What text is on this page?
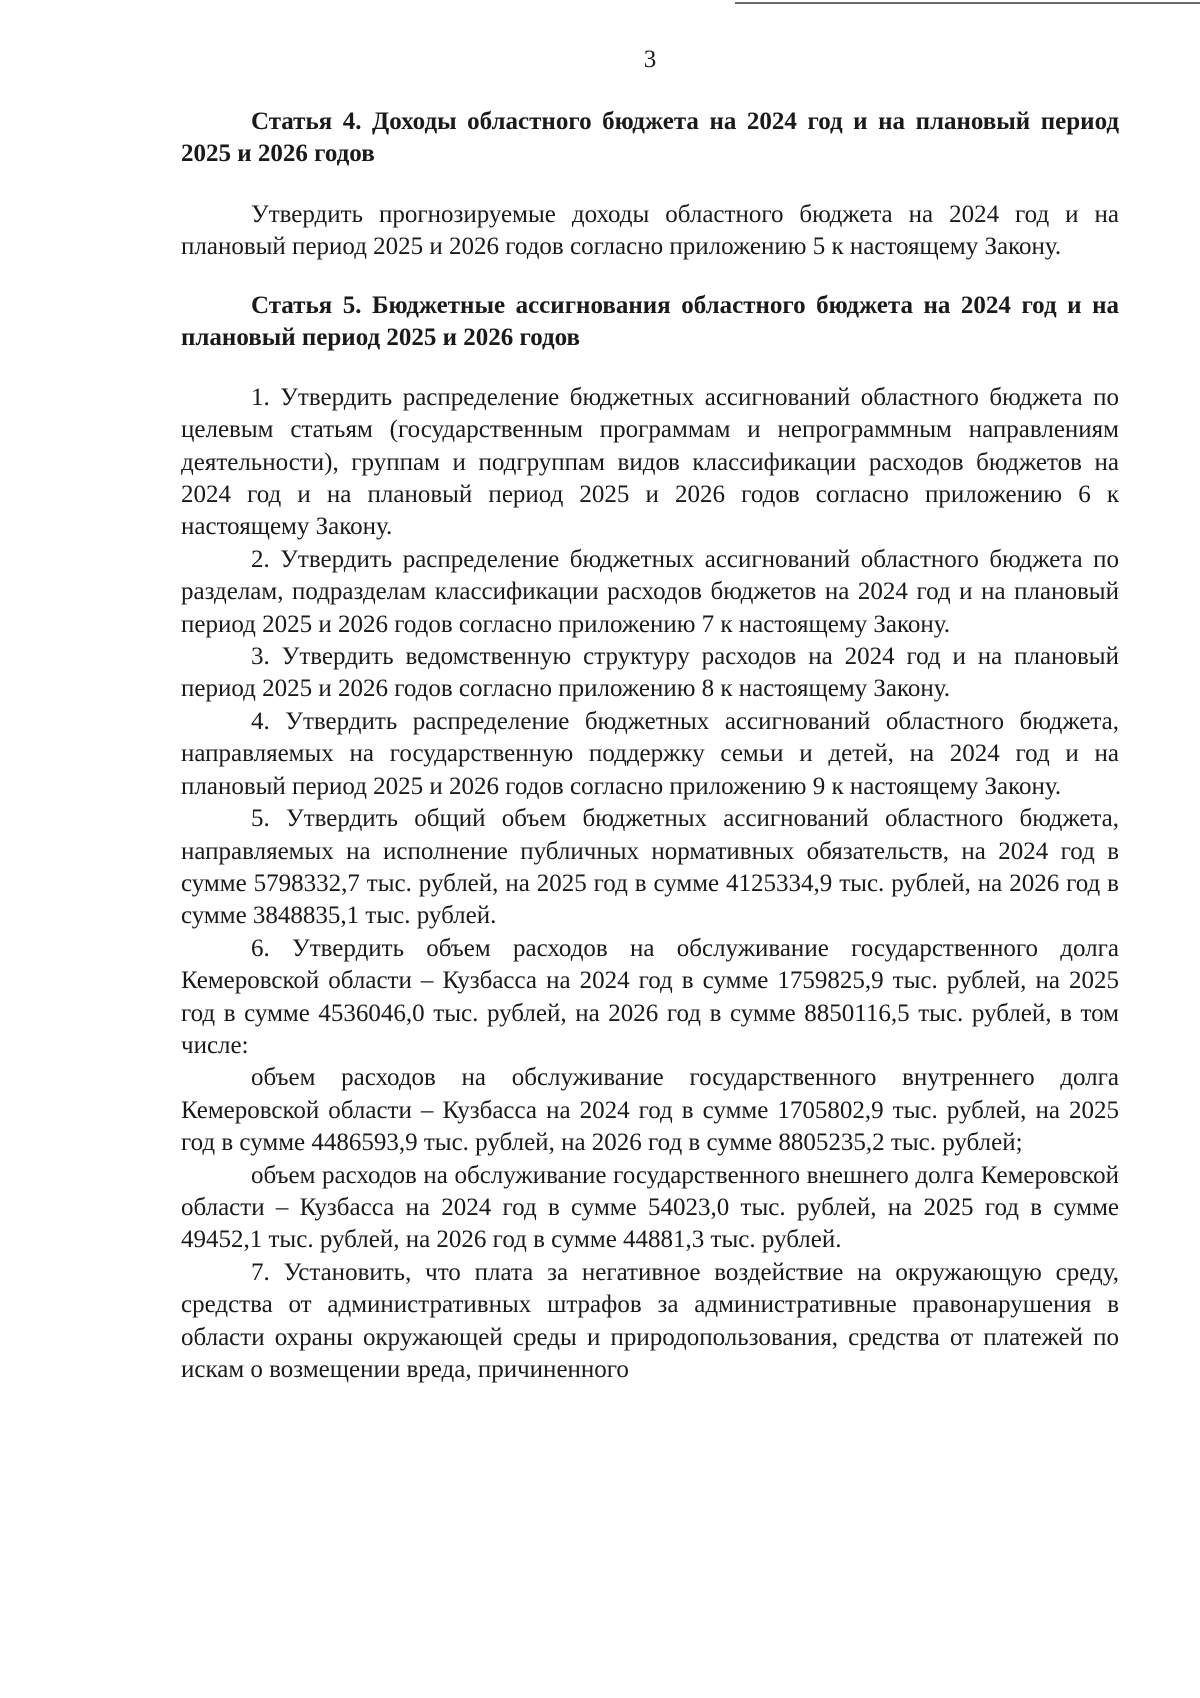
3

Статья 4. Доходы областного бюджета на 2024 год и на плановый период 2025 и 2026 годов

Утвердить прогнозируемые доходы областного бюджета на 2024 год и на плановый период 2025 и 2026 годов согласно приложению 5 к настоящему Закону.

Статья 5. Бюджетные ассигнования областного бюджета на 2024 год и на плановый период 2025 и 2026 годов

1. Утвердить распределение бюджетных ассигнований областного бюджета по целевым статьям (государственным программам и непрограммным направлениям деятельности), группам и подгруппам видов классификации расходов бюджетов на 2024 год и на плановый период 2025 и 2026 годов согласно приложению 6 к настоящему Закону.

2. Утвердить распределение бюджетных ассигнований областного бюджета по разделам, подразделам классификации расходов бюджетов на 2024 год и на плановый период 2025 и 2026 годов согласно приложению 7 к настоящему Закону.

3. Утвердить ведомственную структуру расходов на 2024 год и на плановый период 2025 и 2026 годов согласно приложению 8 к настоящему Закону.

4. Утвердить распределение бюджетных ассигнований областного бюджета, направляемых на государственную поддержку семьи и детей, на 2024 год и на плановый период 2025 и 2026 годов согласно приложению 9 к настоящему Закону.

5. Утвердить общий объем бюджетных ассигнований областного бюджета, направляемых на исполнение публичных нормативных обязательств, на 2024 год в сумме 5798332,7 тыс. рублей, на 2025 год в сумме 4125334,9 тыс. рублей, на 2026 год в сумме 3848835,1 тыс. рублей.

6. Утвердить объем расходов на обслуживание государственного долга Кемеровской области – Кузбасса на 2024 год в сумме 1759825,9 тыс. рублей, на 2025 год в сумме 4536046,0 тыс. рублей, на 2026 год в сумме 8850116,5 тыс. рублей, в том числе:

объем расходов на обслуживание государственного внутреннего долга Кемеровской области – Кузбасса на 2024 год в сумме 1705802,9 тыс. рублей, на 2025 год в сумме 4486593,9 тыс. рублей, на 2026 год в сумме 8805235,2 тыс. рублей;

объем расходов на обслуживание государственного внешнего долга Кемеровской области – Кузбасса на 2024 год в сумме 54023,0 тыс. рублей, на 2025 год в сумме 49452,1 тыс. рублей, на 2026 год в сумме 44881,3 тыс. рублей.

7. Установить, что плата за негативное воздействие на окружающую среду, средства от административных штрафов за административные правонарушения в области охраны окружающей среды и природопользования, средства от платежей по искам о возмещении вреда, причиненного
